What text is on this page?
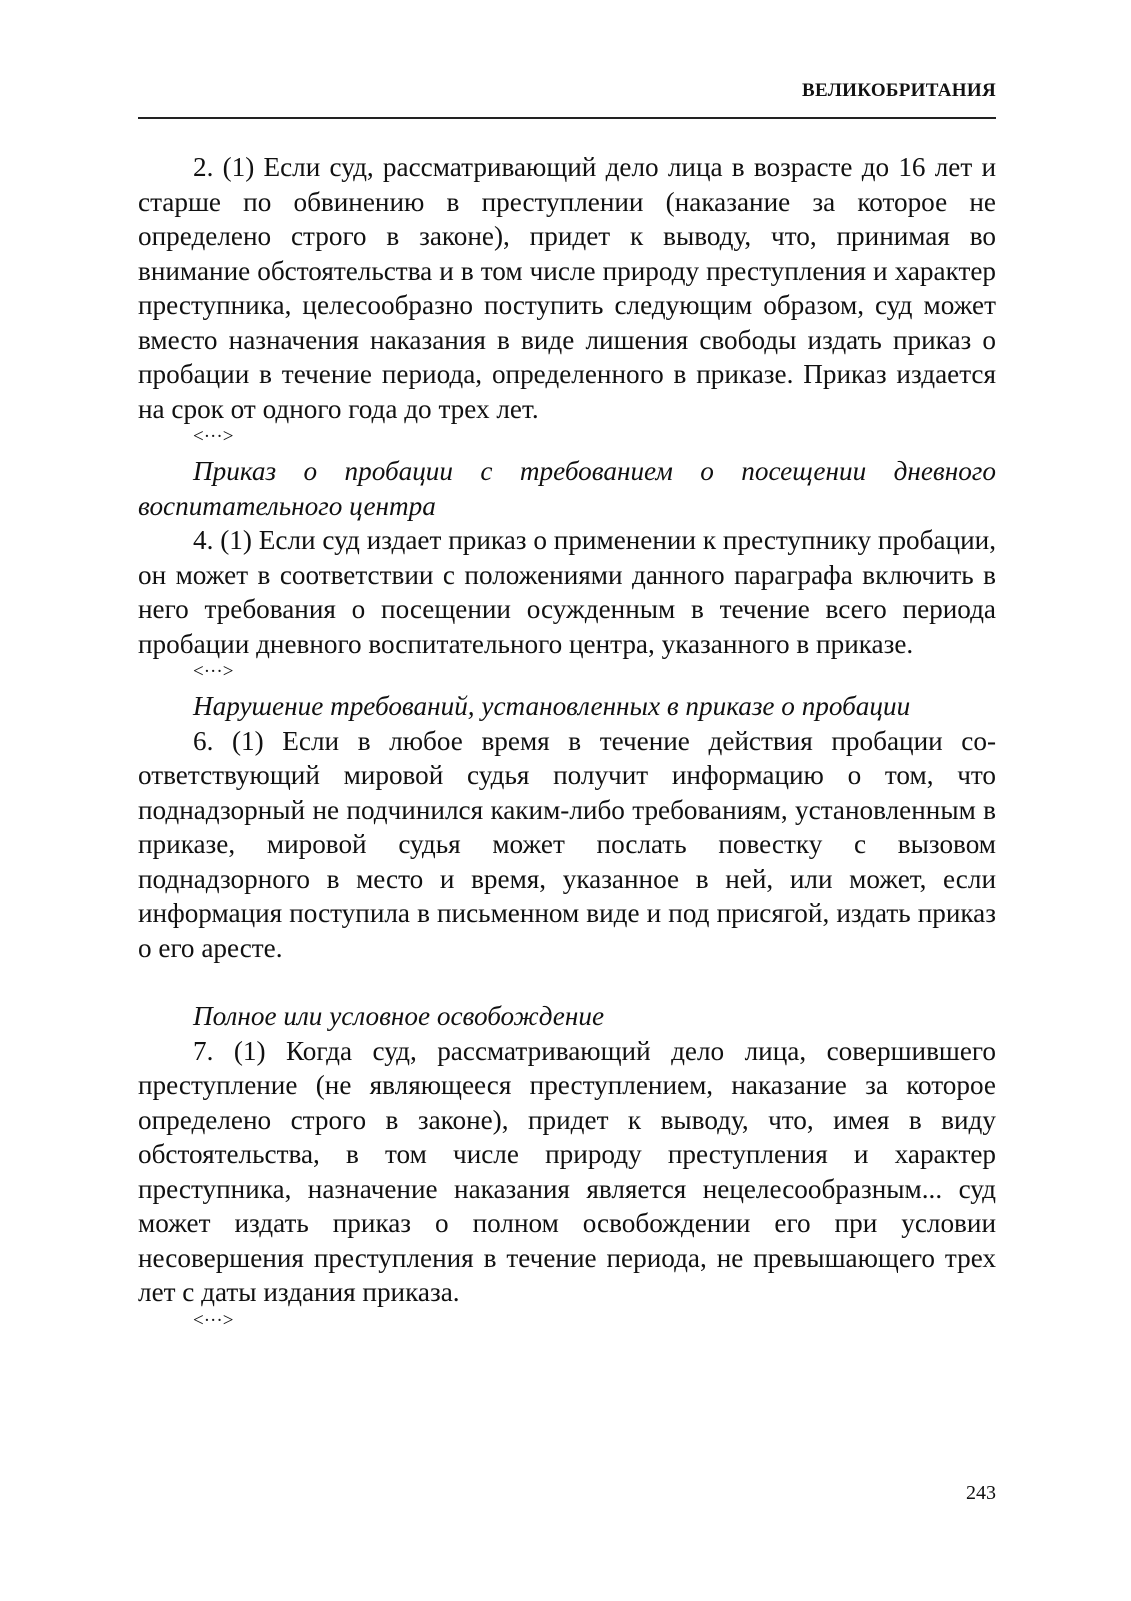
ВЕЛИКОБРИТАНИЯ

2. (1) Если суд, рассматривающий дело лица в возрасте до 16 лет и старше по обвинению в преступлении (наказание за которое не определено строго в законе), придет к выводу, что, принимая во внимание обстоятельства и в том числе природу преступления и характер преступника, целесообразно поступить следующим образом, суд может вместо назначения наказания в виде лишения свободы издать приказ о пробации в течение периода, определенного в приказе. Приказ издается на срок от одного года до трех лет.

<···>

Приказ о пробации с требованием о посещении дневного воспитательного центра

4. (1) Если суд издает приказ о применении к преступнику пробации, он может в соответствии с положениями данного параграфа включить в него требования о посещении осужденным в течение всего периода пробации дневного воспитательного центра, указанного в приказе.

<···>

Нарушение требований, установленных в приказе о пробации

6. (1) Если в любое время в течение действия пробации соответствующий мировой судья получит информацию о том, что поднадзорный не подчинился каким-либо требованиям, установленным в приказе, мировой судья может послать повестку с вызовом поднадзорного в место и время, указанное в ней, или может, если информация поступила в письменном виде и под присягой, издать приказ о его аресте.

Полное или условное освобождение

7. (1) Когда суд, рассматривающий дело лица, совершившего преступление (не являющееся преступлением, наказание за которое определено строго в законе), придет к выводу, что, имея в виду обстоятельства, в том числе природу преступления и характер преступника, назначение наказания является нецелесообразным... суд может издать приказ о полном освобождении его при условии несовершения преступления в течение периода, не превышающего трех лет с даты издания приказа.

<···>
243
